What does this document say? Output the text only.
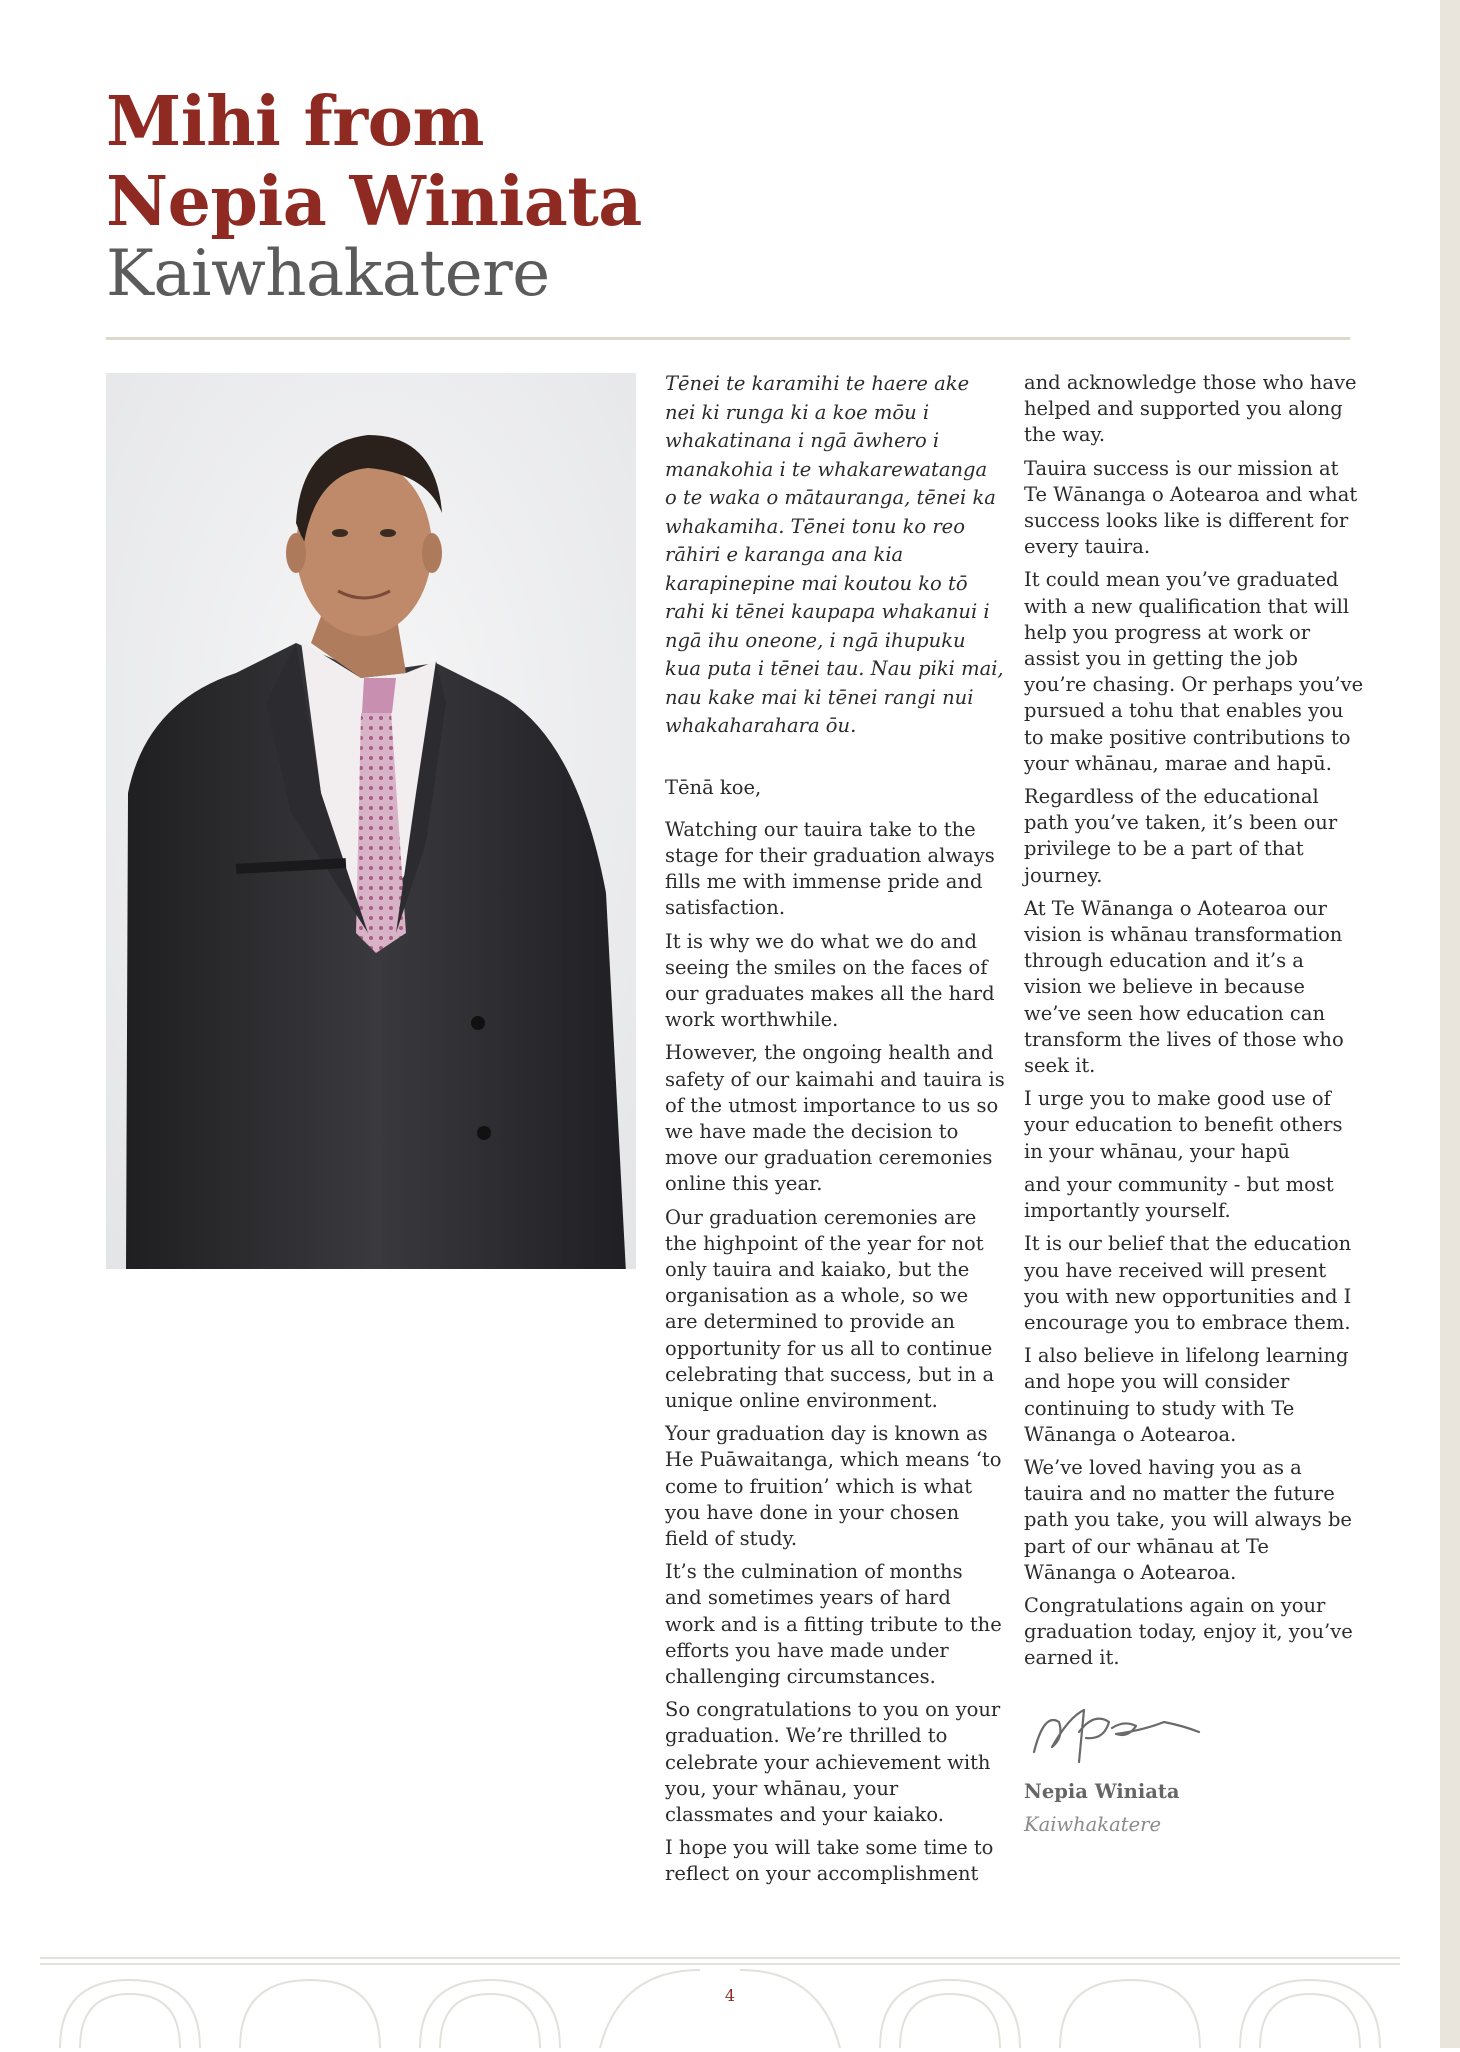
Mihi from
Nepia Winiata
Kaiwhakatere

Tēnei te karamihi te haere ake nei ki runga ki a koe mōu i whakatinana i ngā āwhero i manakohia i te whakarewatanga o te waka o mātauranga, tēnei ka whakamiha. Tēnei tonu ko reo rāhiri e karanga ana kia karapinepine mai koutou ko tō rahi ki tēnei kaupapa whakanui i ngā ihu oneone, i ngā ihupuku kua puta i tēnei tau. Nau piki mai, nau kake mai ki tēnei rangi nui whakaharahara ōu.

Tēnā koe,

Watching our tauira take to the stage for their graduation always fills me with immense pride and satisfaction.

It is why we do what we do and seeing the smiles on the faces of our graduates makes all the hard work worthwhile.

However, the ongoing health and safety of our kaimahi and tauira is of the utmost importance to us so we have made the decision to move our graduation ceremonies online this year.

Our graduation ceremonies are the highpoint of the year for not only tauira and kaiako, but the organisation as a whole, so we are determined to provide an opportunity for us all to continue celebrating that success, but in a unique online environment.

Your graduation day is known as He Puāwaitanga, which means ‘to come to fruition’ which is what you have done in your chosen field of study.

It’s the culmination of months and sometimes years of hard work and is a fitting tribute to the efforts you have made under challenging circumstances.

So congratulations to you on your graduation. We’re thrilled to celebrate your achievement with you, your whānau, your classmates and your kaiako.

I hope you will take some time to reflect on your accomplishment

and acknowledge those who have helped and supported you along the way.

Tauira success is our mission at Te Wānanga o Aotearoa and what success looks like is different for every tauira.

It could mean you’ve graduated with a new qualification that will help you progress at work or assist you in getting the job you’re chasing. Or perhaps you’ve pursued a tohu that enables you to make positive contributions to your whānau, marae and hapū.

Regardless of the educational path you’ve taken, it’s been our privilege to be a part of that journey.

At Te Wānanga o Aotearoa our vision is whānau transformation through education and it’s a vision we believe in because we’ve seen how education can transform the lives of those who seek it.

I urge you to make good use of your education to benefit others in your whānau, your hapū

and your community - but most importantly yourself.

It is our belief that the education you have received will present you with new opportunities and I encourage you to embrace them.

I also believe in lifelong learning and hope you will consider continuing to study with Te Wānanga o Aotearoa.

We’ve loved having you as a tauira and no matter the future path you take, you will always be part of our whānau at Te Wānanga o Aotearoa.

Congratulations again on your graduation today, enjoy it, you’ve earned it.

Nepia Winiata

Kaiwhakatere

4
